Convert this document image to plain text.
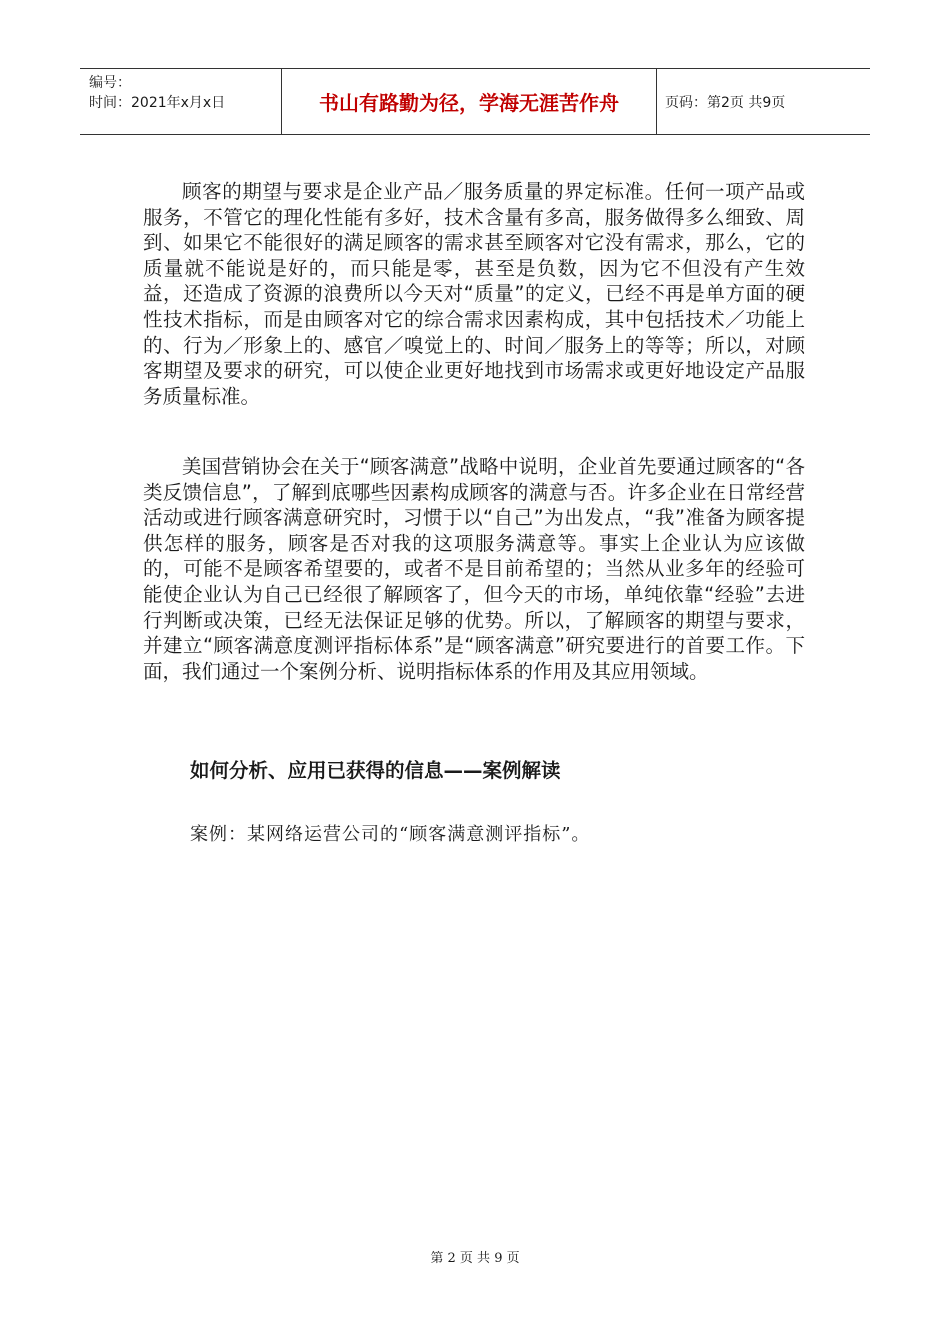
编号：
时间：2021年x月x日	书山有路勤为径，学海无涯苦作舟	页码：第2页 共9页

顾客的期望与要求是企业产品／服务质量的界定标准。任何一项产品或服务，不管它的理化性能有多好，技术含量有多高，服务做得多么细致、周到、如果它不能很好的满足顾客的需求甚至顾客对它没有需求，那么，它的质量就不能说是好的，而只能是零，甚至是负数，因为它不但没有产生效益，还造成了资源的浪费所以今天对“质量”的定义，已经不再是单方面的硬性技术指标，而是由顾客对它的综合需求因素构成，其中包括技术／功能上的、行为／形象上的、感官／嗅觉上的、时间／服务上的等等；所以，对顾客期望及要求的研究，可以使企业更好地找到市场需求或更好地设定产品服务质量标准。

美国营销协会在关于“顾客满意”战略中说明，企业首先要通过顾客的“各类反馈信息”，了解到底哪些因素构成顾客的满意与否。许多企业在日常经营活动或进行顾客满意研究时，习惯于以“自己”为出发点，“我”准备为顾客提供怎样的服务，顾客是否对我的这项服务满意等。事实上企业认为应该做的，可能不是顾客希望要的，或者不是目前希望的；当然从业多年的经验可能使企业认为自己已经很了解顾客了，但今天的市场，单纯依靠“经验”去进行判断或决策，已经无法保证足够的优势。所以，了解顾客的期望与要求，并建立“顾客满意度测评指标体系”是“顾客满意”研究要进行的首要工作。下面，我们通过一个案例分析、说明指标体系的作用及其应用领域。

如何分析、应用已获得的信息——案例解读
案例：某网络运营公司的“顾客满意测评指标”。
第 2 页 共 9 页
